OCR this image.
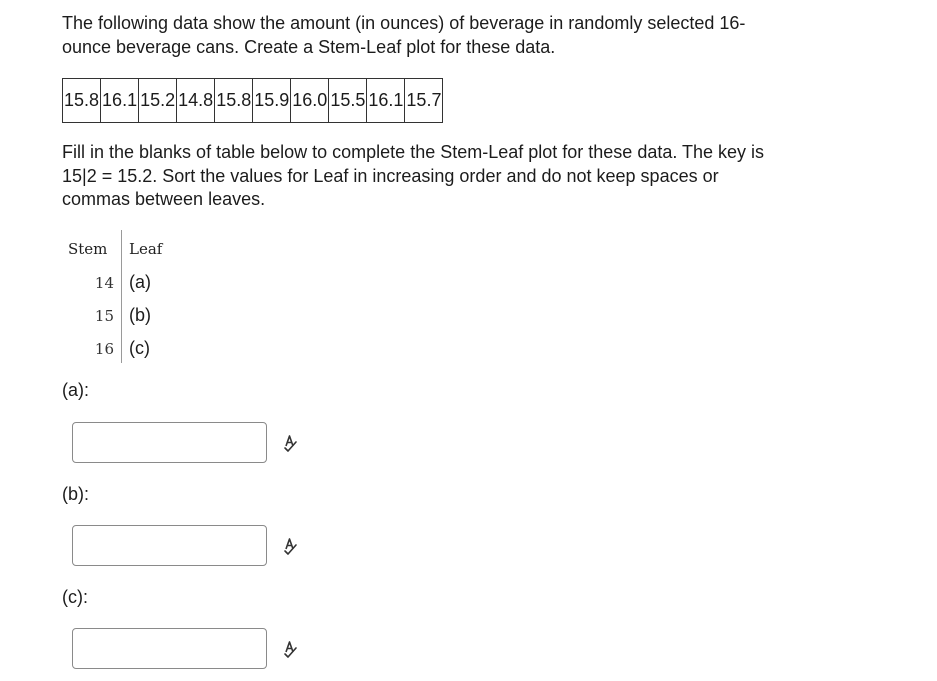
The following data show the amount (in ounces) of beverage in randomly selected 16-ounce beverage cans. Create a Stem-Leaf plot for these data.

15.8	16.1	15.2	14.8	15.8	15.9	16.0	15.5	16.1	15.7

Fill in the blanks of table below to complete the Stem-Leaf plot for these data. The key is 15|2 = 15.2. Sort the values for Leaf in increasing order and do not keep spaces or commas between leaves.

Stem Leaf
14 (a)
15 (b)
16 (c)
(a):
(b):
(c):
